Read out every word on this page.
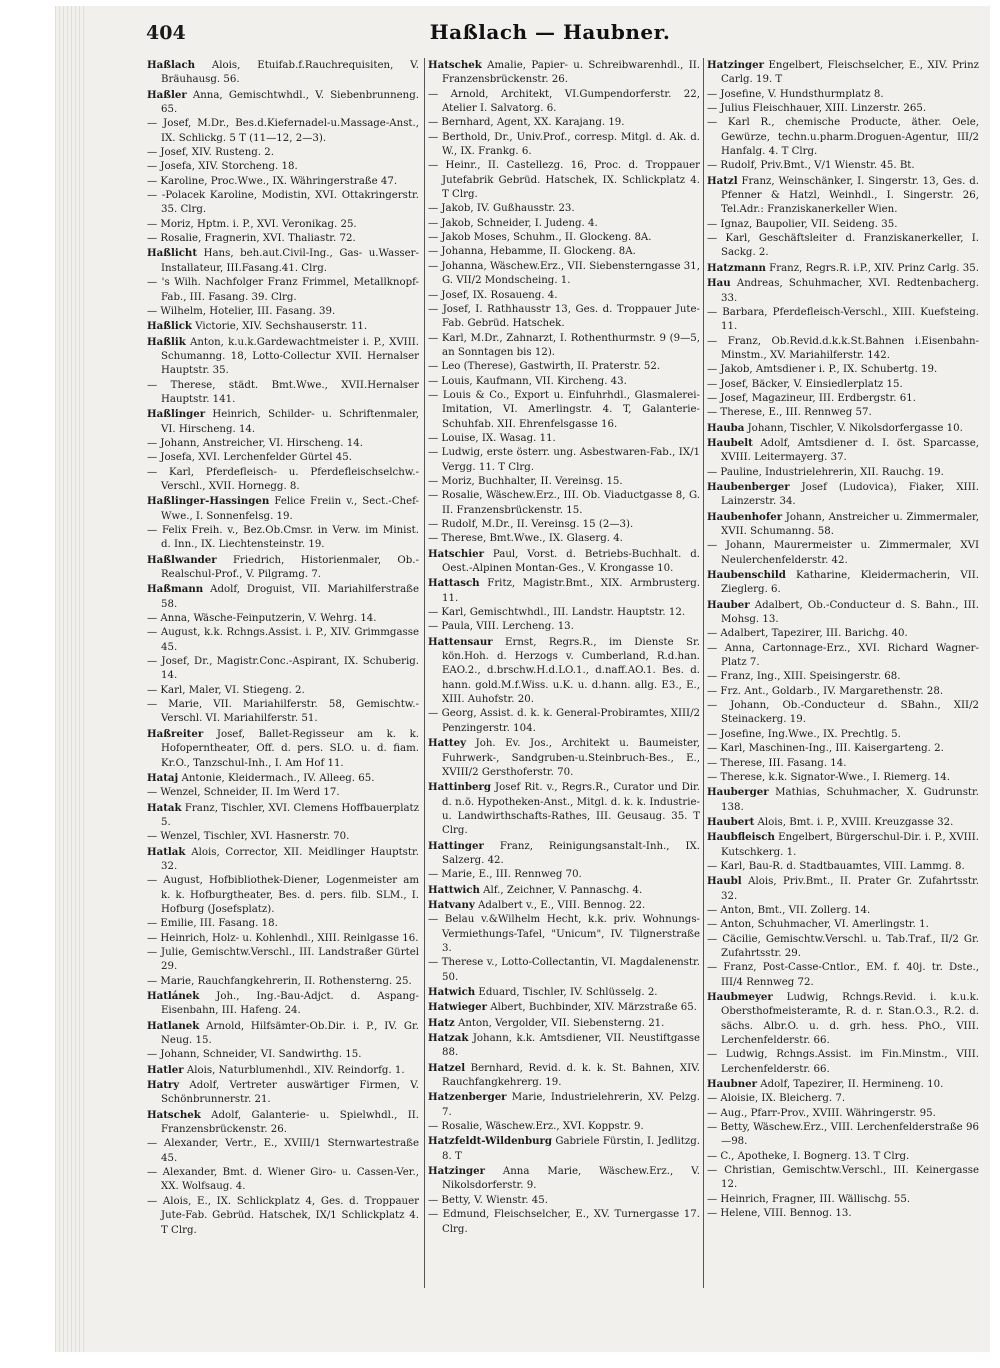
404	Haßlach — Haubner.

Haßlach Alois, Etuifab.f.Rauchrequisiten, V. Bräuhausg. 56.

Haßler Anna, Gemischtwhdl., V. Siebenbrunneng. 65.

— Josef, M.Dr., Bes.d.Kiefernadel-u.Massage-Anst., IX. Schlickg. 5 T (11—12, 2—3).

— Josef, XIV. Rusteng. 2.

— Josefa, XIV. Storcheng. 18.

— Karoline, Proc.Wwe., IX. Währingerstraße 47.

— -Polacek Karoline, Modistin, XVI. Ottakringerstr. 35. Clrg.

— Moriz, Hptm. i. P., XVI. Veronikag. 25.

— Rosalie, Fragnerin, XVI. Thaliastr. 72.

Haßlicht Hans, beh.aut.Civil-Ing., Gas- u.Wasser-Installateur, III.Fasang.41. Clrg.

— 's Wilh. Nachfolger Franz Frimmel, Metallknopf-Fab., III. Fasang. 39. Clrg.

— Wilhelm, Hotelier, III. Fasang. 39.

Haßlick Victorie, XIV. Sechshauserstr. 11.

Haßlik Anton, k.u.k.Gardewachtmeister i. P., XVIII. Schumanng. 18, Lotto-Collectur XVII. Hernalser Hauptstr. 35.

— Therese, städt. Bmt.Wwe., XVII.Hernalser Hauptstr. 141.

Haßlinger Heinrich, Schilder- u. Schriftenmaler, VI. Hirscheng. 14.

— Johann, Anstreicher, VI. Hirscheng. 14.

— Josefa, XVI. Lerchenfelder Gürtel 45.

— Karl, Pferdefleisch- u. Pferdefleischselchw.-Verschl., XVII. Hornegg. 8.

Haßlinger-Hassingen Felice Freiin v., Sect.-Chef-Wwe., I. Sonnenfelsg. 19.

— Felix Freih. v., Bez.Ob.Cmsr. in Verw. im Minist. d. Inn., IX. Liechtensteinstr. 19.

Haßlwander Friedrich, Historienmaler, Ob.-Realschul-Prof., V. Pilgramg. 7.

Haßmann Adolf, Droguist, VII. Mariahilferstraße 58.

— Anna, Wäsche-Feinputzerin, V. Wehrg. 14.

— August, k.k. Rchngs.Assist. i. P., XIV. Grimmgasse 45.

— Josef, Dr., Magistr.Conc.-Aspirant, IX. Schuberig. 14.

— Karl, Maler, VI. Stiegeng. 2.

— Marie, VII. Mariahilferstr. 58, Gemischtw.-Verschl. VI. Mariahilferstr. 51.

Haßreiter Josef, Ballet-Regisseur am k. k. Hofoperntheater, Off. d. pers. SLO. u. d. fiam. Kr.O., Tanzschul-Inh., I. Am Hof 11.

Hataj Antonie, Kleidermach., IV. Alleeg. 65.

— Wenzel, Schneider, II. Im Werd 17.

Hatak Franz, Tischler, XVI. Clemens Hoffbauerplatz 5.

— Wenzel, Tischler, XVI. Hasnerstr. 70.

Hatlak Alois, Corrector, XII. Meidlinger Hauptstr. 32.

— August, Hofbibliothek-Diener, Logenmeister am k. k. Hofburgtheater, Bes. d. pers. filb. SLM., I. Hofburg (Josefsplatz).

— Emilie, III. Fasang. 18.

— Heinrich, Holz- u. Kohlenhdl., XIII. Reinlgasse 16.

— Julie, Gemischtw.Verschl., III. Landstraßer Gürtel 29.

— Marie, Rauchfangkehrerin, II. Rothensterng. 25.

Hatlánek Joh., Ing.-Bau-Adjct. d. Aspang-Eisenbahn, III. Hafeng. 24.

Hatlanek Arnold, Hilfsämter-Ob.Dir. i. P., IV. Gr. Neug. 15.

— Johann, Schneider, VI. Sandwirthg. 15.

Hatler Alois, Naturblumenhdl., XIV. Reindorfg. 1.

Hatry Adolf, Vertreter auswärtiger Firmen, V. Schönbrunnerstr. 21.

Hatschek Adolf, Galanterie- u. Spielwhdl., II. Franzensbrückenstr. 26.

— Alexander, Vertr., E., XVIII/1 Sternwartestraße 45.

— Alexander, Bmt. d. Wiener Giro- u. Cassen-Ver., XX. Wolfsaug. 4.

— Alois, E., IX. Schlickplatz 4, Ges. d. Troppauer Jute-Fab. Gebrüd. Hatschek, IX/1 Schlickplatz 4. T Clrg.

Hatschek Amalie, Papier- u. Schreibwarenhdl., II. Franzensbrückenstr. 26.

— Arnold, Architekt, VI.Gumpendorferstr. 22, Atelier I. Salvatorg. 6.

— Bernhard, Agent, XX. Karajang. 19.

— Berthold, Dr., Univ.Prof., corresp. Mitgl. d. Ak. d. W., IX. Frankg. 6.

— Heinr., II. Castellezg. 16, Proc. d. Troppauer Jutefabrik Gebrüd. Hatschek, IX. Schlickplatz 4. T Clrg.

— Jakob, IV. Gußhausstr. 23.

— Jakob, Schneider, I. Judeng. 4.

— Jakob Moses, Schuhm., II. Glockeng. 8A.

— Johanna, Hebamme, II. Glockeng. 8A.

— Johanna, Wäschew.Erz., VII. Siebensterngasse 31, G. VII/2 Mondscheing. 1.

— Josef, IX. Rosaueng. 4.

— Josef, I. Rathhausstr 13, Ges. d. Troppauer Jute-Fab. Gebrüd. Hatschek.

— Karl, M.Dr., Zahnarzt, I. Rothenthurmstr. 9 (9—5, an Sonntagen bis 12).

— Leo (Therese), Gastwirth, II. Praterstr. 52.

— Louis, Kaufmann, VII. Kircheng. 43.

— Louis & Co., Export u. Einfuhrhdl., Glasmalerei-Imitation, VI. Amerlingstr. 4. T, Galanterie-Schuhfab. XII. Ehrenfelsgasse 16.

— Louise, IX. Wasag. 11.

— Ludwig, erste österr. ung. Asbestwaren-Fab., IX/1 Vergg. 11. T Clrg.

— Moriz, Buchhalter, II. Vereinsg. 15.

— Rosalie, Wäschew.Erz., III. Ob. Viaductgasse 8, G. II. Franzensbrückenstr. 15.

— Rudolf, M.Dr., II. Vereinsg. 15 (2—3).

— Therese, Bmt.Wwe., IX. Glaserg. 4.

Hatschier Paul, Vorst. d. Betriebs-Buchhalt. d. Oest.-Alpinen Montan-Ges., V. Krongasse 10.

Hattasch Fritz, Magistr.Bmt., XIX. Armbrusterg. 11.

— Karl, Gemischtwhdl., III. Landstr. Hauptstr. 12.

— Paula, VIII. Lercheng. 13.

Hattensaur Ernst, Regrs.R., im Dienste Sr. kön.Hoh. d. Herzogs v. Cumberland, R.d.han. EAO.2., d.brschw.H.d.LO.1., d.naff.AO.1. Bes. d. hann. gold.M.f.Wiss. u.K. u. d.hann. allg. E3., E., XIII. Auhofstr. 20.

— Georg, Assist. d. k. k. General-Probiramtes, XIII/2 Penzingerstr. 104.

Hattey Joh. Ev. Jos., Architekt u. Baumeister, Fuhrwerk-, Sandgruben-u.Steinbruch-Bes., E., XVIII/2 Gersthoferstr. 70.

Hattinberg Josef Rit. v., Regrs.R., Curator und Dir. d. n.ö. Hypotheken-Anst., Mitgl. d. k. k. Industrie- u. Landwirthschafts-Rathes, III. Geusaug. 35. T Clrg.

Hattinger Franz, Reinigungsanstalt-Inh., IX. Salzerg. 42.

— Marie, E., III. Rennweg 70.

Hattwich Alf., Zeichner, V. Pannaschg. 4.

Hatvany Adalbert v., E., VIII. Bennog. 22.

— Belau v.&Wilhelm Hecht, k.k. priv. Wohnungs-Vermiethungs-Tafel, "Unicum", IV. Tilgnerstraße 3.

— Therese v., Lotto-Collectantin, VI. Magdalenenstr. 50.

Hatwich Eduard, Tischler, IV. Schlüsselg. 2.

Hatwieger Albert, Buchbinder, XIV. Märzstraße 65.

Hatz Anton, Vergolder, VII. Siebensterng. 21.

Hatzak Johann, k.k. Amtsdiener, VII. Neustiftgasse 88.

Hatzel Bernhard, Revid. d. k. k. St. Bahnen, XIV. Rauchfangkehrerg. 19.

Hatzenberger Marie, Industrielehrerin, XV. Pelzg. 7.

— Rosalie, Wäschew.Erz., XVI. Koppstr. 9.

Hatzfeldt-Wildenburg Gabriele Fürstin, I. Jedlitzg. 8. T

Hatzinger Anna Marie, Wäschew.Erz., V. Nikolsdorferstr. 9.

— Betty, V. Wienstr. 45.

— Edmund, Fleischselcher, E., XV. Turnergasse 17. Clrg.

Hatzinger Engelbert, Fleischselcher, E., XIV. Prinz Carlg. 19. T

— Josefine, V. Hundsthurmplatz 8.

— Julius Fleischhauer, XIII. Linzerstr. 265.

— Karl R., chemische Producte, äther. Oele, Gewürze, techn.u.pharm.Droguen-Agentur, III/2 Hanfalg. 4. T Clrg.

— Rudolf, Priv.Bmt., V/1 Wienstr. 45. Bt.

Hatzl Franz, Weinschänker, I. Singerstr. 13, Ges. d. Pfenner & Hatzl, Weinhdl., I. Singerstr. 26, Tel.Adr.: Franziskanerkeller Wien.

— Ignaz, Baupolier, VII. Seideng. 35.

— Karl, Geschäftsleiter d. Franziskanerkeller, I. Sackg. 2.

Hatzmann Franz, Regrs.R. i.P., XIV. Prinz Carlg. 35.

Hau Andreas, Schuhmacher, XVI. Redtenbacherg. 33.

— Barbara, Pferdefleisch-Verschl., XIII. Kuefsteing. 11.

— Franz, Ob.Revid.d.k.k.St.Bahnen i.Eisenbahn-Minstm., XV. Mariahilferstr. 142.

— Jakob, Amtsdiener i. P., IX. Schubertg. 19.

— Josef, Bäcker, V. Einsiedlerplatz 15.

— Josef, Magazineur, III. Erdbergstr. 61.

— Therese, E., III. Rennweg 57.

Hauba Johann, Tischler, V. Nikolsdorfergasse 10.

Haubelt Adolf, Amtsdiener d. I. öst. Sparcasse, XVIII. Leitermayerg. 37.

— Pauline, Industrielehrerin, XII. Rauchg. 19.

Haubenberger Josef (Ludovica), Fiaker, XIII. Lainzerstr. 34.

Haubenhofer Johann, Anstreicher u. Zimmermaler, XVII. Schumanng. 58.

— Johann, Maurermeister u. Zimmermaler, XVI Neulerchenfelderstr. 42.

Haubenschild Katharine, Kleidermacherin, VII. Zieglerg. 6.

Hauber Adalbert, Ob.-Conducteur d. S. Bahn., III. Mohsg. 13.

— Adalbert, Tapezirer, III. Barichg. 40.

— Anna, Cartonnage-Erz., XVI. Richard Wagner-Platz 7.

— Franz, Ing., XIII. Speisingerstr. 68.

— Frz. Ant., Goldarb., IV. Margarethenstr. 28.

— Johann, Ob.-Conducteur d. SBahn., XII/2 Steinackerg. 19.

— Josefine, Ing.Wwe., IX. Prechtlg. 5.

— Karl, Maschinen-Ing., III. Kaisergarteng. 2.

— Therese, III. Fasang. 14.

— Therese, k.k. Signator-Wwe., I. Riemerg. 14.

Hauberger Mathias, Schuhmacher, X. Gudrunstr. 138.

Haubert Alois, Bmt. i. P., XVIII. Kreuzgasse 32.

Haubfleisch Engelbert, Bürgerschul-Dir. i. P., XVIII. Kutschkerg. 1.

— Karl, Bau-R. d. Stadtbauamtes, VIII. Lammg. 8.

Haubl Alois, Priv.Bmt., II. Prater Gr. Zufahrtsstr. 32.

— Anton, Bmt., VII. Zollerg. 14.

— Anton, Schuhmacher, VI. Amerlingstr. 1.

— Cäcilie, Gemischtw.Verschl. u. Tab.Traf., II/2 Gr. Zufahrtsstr. 29.

— Franz, Post-Casse-Cntlor., EM. f. 40j. tr. Dste., III/4 Rennweg 72.

Haubmeyer Ludwig, Rchngs.Revid. i. k.u.k. Obersthofmeisteramte, R. d. r. Stan.O.3., R.2. d. sächs. Albr.O. u. d. grh. hess. PhO., VIII. Lerchenfelderstr. 66.

— Ludwig, Rchngs.Assist. im Fin.Minstm., VIII. Lerchenfelderstr. 66.

Haubner Adolf, Tapezirer, II. Hermineng. 10.

— Aloisie, IX. Bleicherg. 7.

— Aug., Pfarr-Prov., XVIII. Währingerstr. 95.

— Betty, Wäschew.Erz., VIII. Lerchenfelderstraße 96—98.

— C., Apotheke, I. Bognerg. 13. T Clrg.

— Christian, Gemischtw.Verschl., III. Keinergasse 12.

— Heinrich, Fragner, III. Wällischg. 55.

— Helene, VIII. Bennog. 13.
